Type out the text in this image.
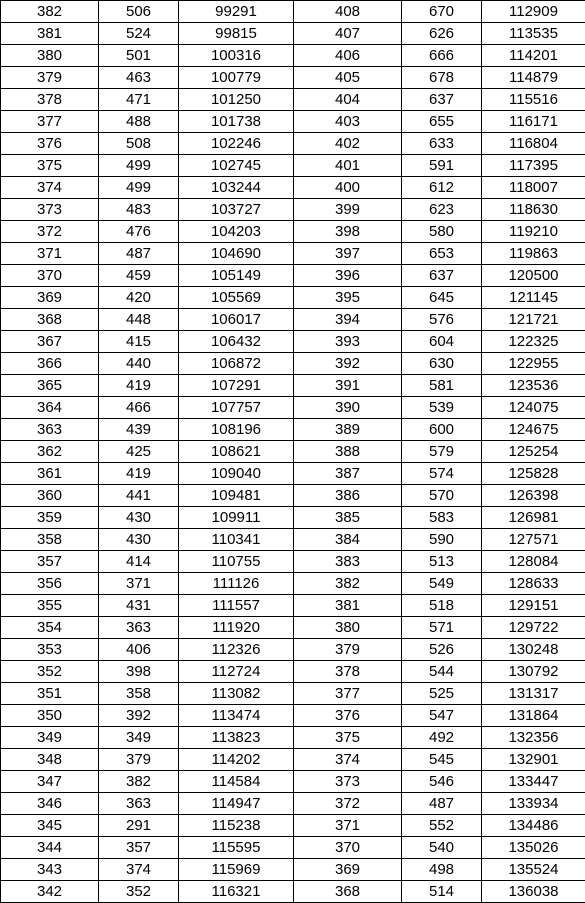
382	506	99291	408	670	112909
381	524	99815	407	626	113535
380	501	100316	406	666	114201
379	463	100779	405	678	114879
378	471	101250	404	637	115516
377	488	101738	403	655	116171
376	508	102246	402	633	116804
375	499	102745	401	591	117395
374	499	103244	400	612	118007
373	483	103727	399	623	118630
372	476	104203	398	580	119210
371	487	104690	397	653	119863
370	459	105149	396	637	120500
369	420	105569	395	645	121145
368	448	106017	394	576	121721
367	415	106432	393	604	122325
366	440	106872	392	630	122955
365	419	107291	391	581	123536
364	466	107757	390	539	124075
363	439	108196	389	600	124675
362	425	108621	388	579	125254
361	419	109040	387	574	125828
360	441	109481	386	570	126398
359	430	109911	385	583	126981
358	430	110341	384	590	127571
357	414	110755	383	513	128084
356	371	111126	382	549	128633
355	431	111557	381	518	129151
354	363	111920	380	571	129722
353	406	112326	379	526	130248
352	398	112724	378	544	130792
351	358	113082	377	525	131317
350	392	113474	376	547	131864
349	349	113823	375	492	132356
348	379	114202	374	545	132901
347	382	114584	373	546	133447
346	363	114947	372	487	133934
345	291	115238	371	552	134486
344	357	115595	370	540	135026
343	374	115969	369	498	135524
342	352	116321	368	514	136038
